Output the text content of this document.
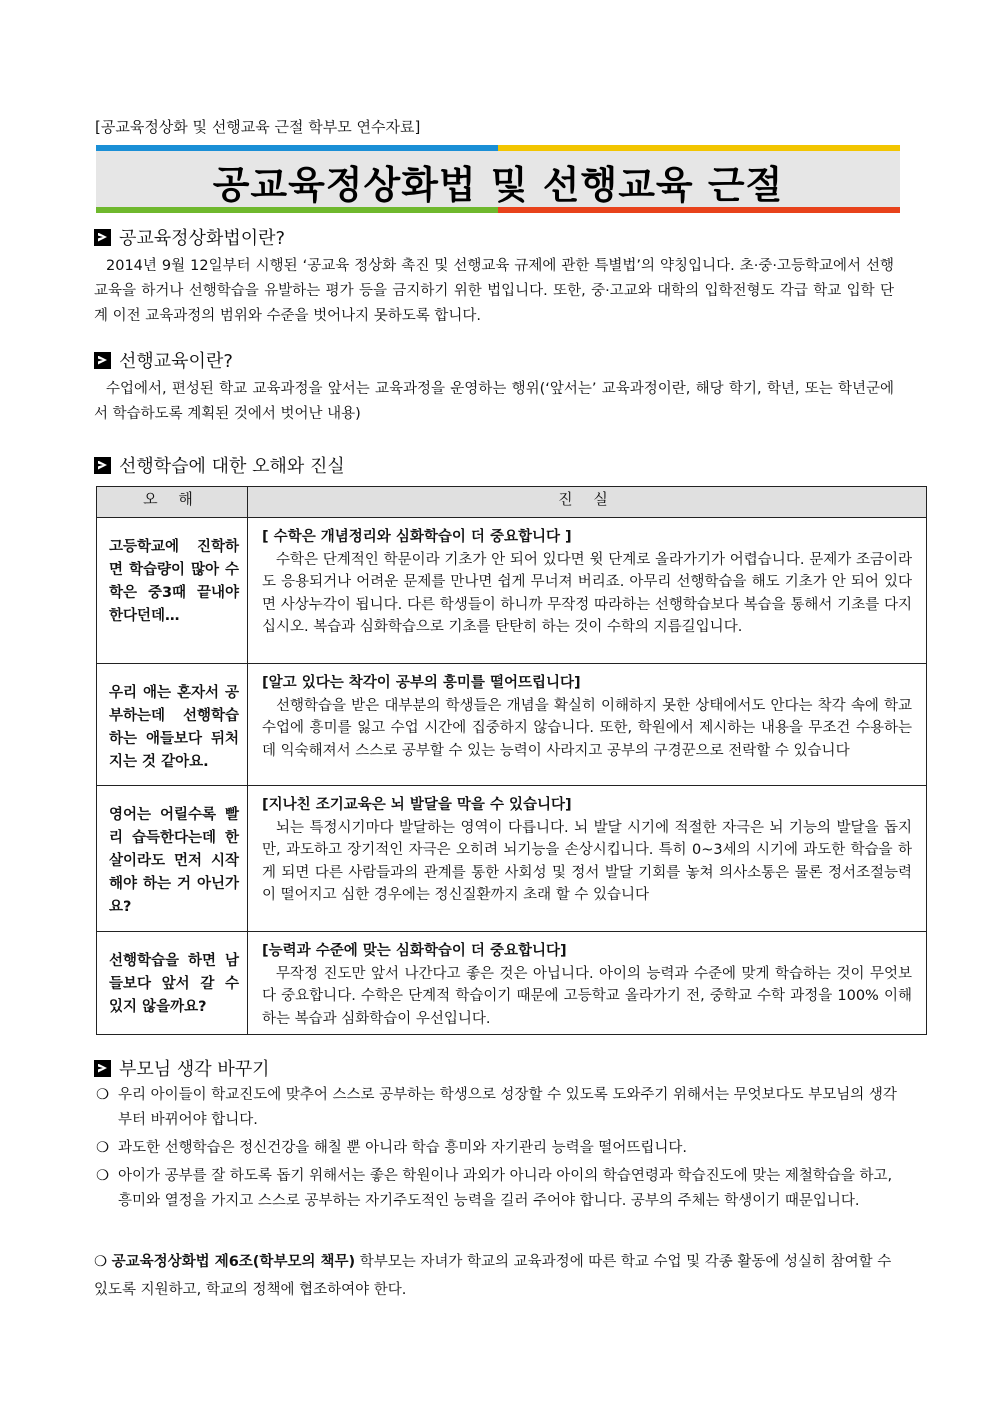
[공교육정상화 및 선행교육 근절 학부모 연수자료]
공교육정상화법 및 선행교육 근절
공교육정상화법이란?
2014년 9월 12일부터 시행된 ‘공교육 정상화 촉진 및 선행교육 규제에 관한 특별법’의 약칭입니다. 초·중·고등학교에서 선행교육을 하거나 선행학습을 유발하는 평가 등을 금지하기 위한 법입니다. 또한, 중·고교와 대학의 입학전형도 각급 학교 입학 단계 이전 교육과정의 범위와 수준을 벗어나지 못하도록 합니다.
선행교육이란?
수업에서, 편성된 학교 교육과정을 앞서는 교육과정을 운영하는 행위(‘앞서는’ 교육과정이란, 해당 학기, 학년, 또는 학년군에서 학습하도록 계획된 것에서 벗어난 내용)
선행학습에 대한 오해와 진실
오 해	진 실
고등학교에 진학하면 학습량이 많아 수학은 중3때 끝내야 한다던데…	[ 수학은 개념정리와 심화학습이 더 중요합니다 ]
수학은 단계적인 학문이라 기초가 안 되어 있다면 윗 단계로 올라가기가 어렵습니다. 문제가 조금이라도 응용되거나 어려운 문제를 만나면 쉽게 무너져 버리죠. 아무리 선행학습을 해도 기초가 안 되어 있다면 사상누각이 됩니다. 다른 학생들이 하니까 무작정 따라하는 선행학습보다 복습을 통해서 기초를 다지십시오. 복습과 심화학습으로 기초를 탄탄히 하는 것이 수학의 지름길입니다.

우리 애는 혼자서 공부하는데 선행학습하는 애들보다 뒤처지는 것 같아요.	[알고 있다는 착각이 공부의 흥미를 떨어뜨립니다]
선행학습을 받은 대부분의 학생들은 개념을 확실히 이해하지 못한 상태에서도 안다는 착각 속에 학교 수업에 흥미를 잃고 수업 시간에 집중하지 않습니다. 또한, 학원에서 제시하는 내용을 무조건 수용하는데 익숙해져서 스스로 공부할 수 있는 능력이 사라지고 공부의 구경꾼으로 전락할 수 있습니다

영어는 어릴수록 빨리 습득한다는데 한 살이라도 먼저 시작해야 하는 거 아닌가요?	[지나친 조기교육은 뇌 발달을 막을 수 있습니다]
뇌는 특정시기마다 발달하는 영역이 다릅니다. 뇌 발달 시기에 적절한 자극은 뇌 기능의 발달을 돕지만, 과도하고 장기적인 자극은 오히려 뇌기능을 손상시킵니다. 특히 0~3세의 시기에 과도한 학습을 하게 되면 다른 사람들과의 관계를 통한 사회성 및 정서 발달 기회를 놓쳐 의사소통은 물론 정서조절능력이 떨어지고 심한 경우에는 정신질환까지 초래 할 수 있습니다

선행학습을 하면 남들보다 앞서 갈 수 있지 않을까요?	[능력과 수준에 맞는 심화학습이 더 중요합니다]
무작정 진도만 앞서 나간다고 좋은 것은 아닙니다. 아이의 능력과 수준에 맞게 학습하는 것이 무엇보다 중요합니다. 수학은 단계적 학습이기 때문에 고등학교 올라가기 전, 중학교 수학 과정을 100% 이해하는 복습과 심화학습이 우선입니다.
부모님 생각 바꾸기
❍ 우리 아이들이 학교진도에 맞추어 스스로 공부하는 학생으로 성장할 수 있도록 도와주기 위해서는 무엇보다도 부모님의 생각부터 바뀌어야 합니다.
❍ 과도한 선행학습은 정신건강을 해칠 뿐 아니라 학습 흥미와 자기관리 능력을 떨어뜨립니다.
❍ 아이가 공부를 잘 하도록 돕기 위해서는 좋은 학원이나 과외가 아니라 아이의 학습연령과 학습진도에 맞는 제철학습을 하고, 흥미와 열정을 가지고 스스로 공부하는 자기주도적인 능력을 길러 주어야 합니다. 공부의 주체는 학생이기 때문입니다.
❍ 공교육정상화법 제6조(학부모의 책무) 학부모는 자녀가 학교의 교육과정에 따른 학교 수업 및 각종 활동에 성실히 참여할 수 있도록 지원하고, 학교의 정책에 협조하여야 한다.
